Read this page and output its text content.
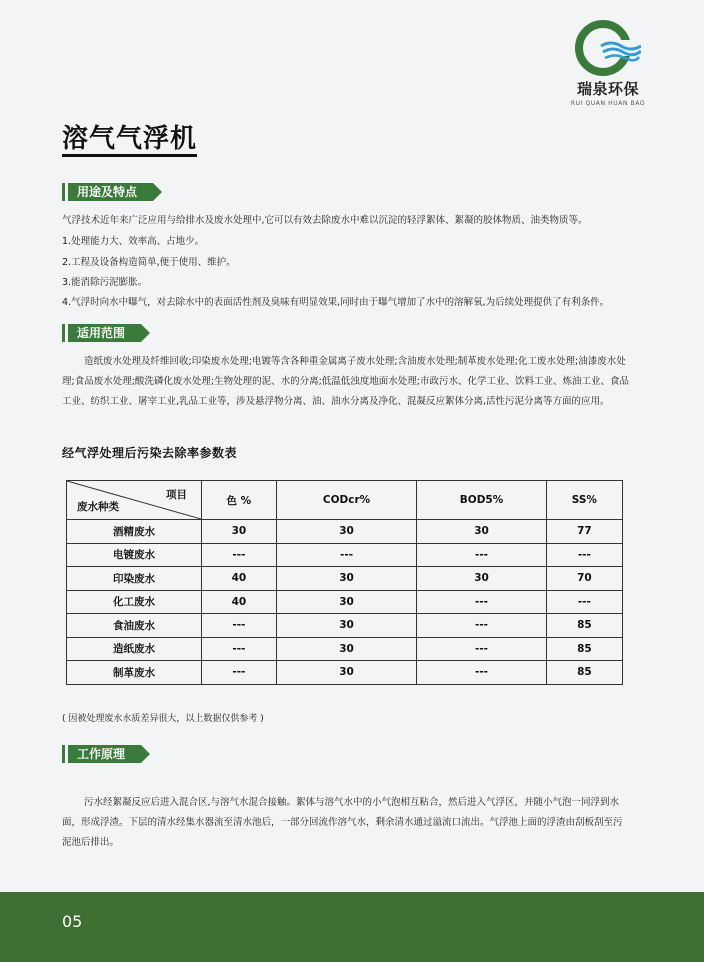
瑞泉环保
RUI QUAN HUAN BAO
溶气气浮机
用途及特点

气浮技术近年来广泛应用与给排水及废水处理中,它可以有效去除废水中难以沉淀的轻浮絮体、絮凝的胶体物质、油类物质等。

1.处理能力大、效率高、占地少。

2.工程及设备构造简单,便于使用、维护。

3.能消除污泥膨胀。

4.气浮时向水中曝气，对去除水中的表面活性剂及臭味有明显效果,同时由于曝气增加了水中的溶解氧,为后续处理提供了有利条件。

适用范围
造纸废水处理及纤维回收;印染废水处理;电镀等含各种重金属离子废水处理;含油废水处理;制革废水处理;化工废水处理;油漆废水处理;食品废水处理;酸洗磷化废水处理;生物处理的泥、水的分离;低温低浊度地面水处理;市政污水、化学工业、饮料工业、炼油工业、食品工业、纺织工业、屠宰工业,乳品工业等，涉及悬浮物分离、油、油水分离及净化、混凝反应絮体分离,活性污泥分离等方面的应用。
经气浮处理后污染去除率参数表
项目
废水种类	色 %	CODcr%	BOD5%	SS%
酒精废水	30	30	30	77
电镀废水	---	---	---	---
印染废水	40	30	30	70
化工废水	40	30	---	---
食油废水	---	30	---	85
造纸废水	---	30	---	85
制革废水	---	30	---	85
( 因被处理废水水质差异很大，以上数据仅供参考 )
工作原理
污水经絮凝反应后进入混合区,与溶气水混合接触。絮体与溶气水中的小气泡相互粘合，然后进入气浮区，并随小气泡一同浮到水面，形成浮渣。下层的清水经集水器流至清水池后，一部分回流作溶气水，剩余清水通过溢流口流出。气浮池上面的浮渣由刮板刮至污泥池后排出。
05
